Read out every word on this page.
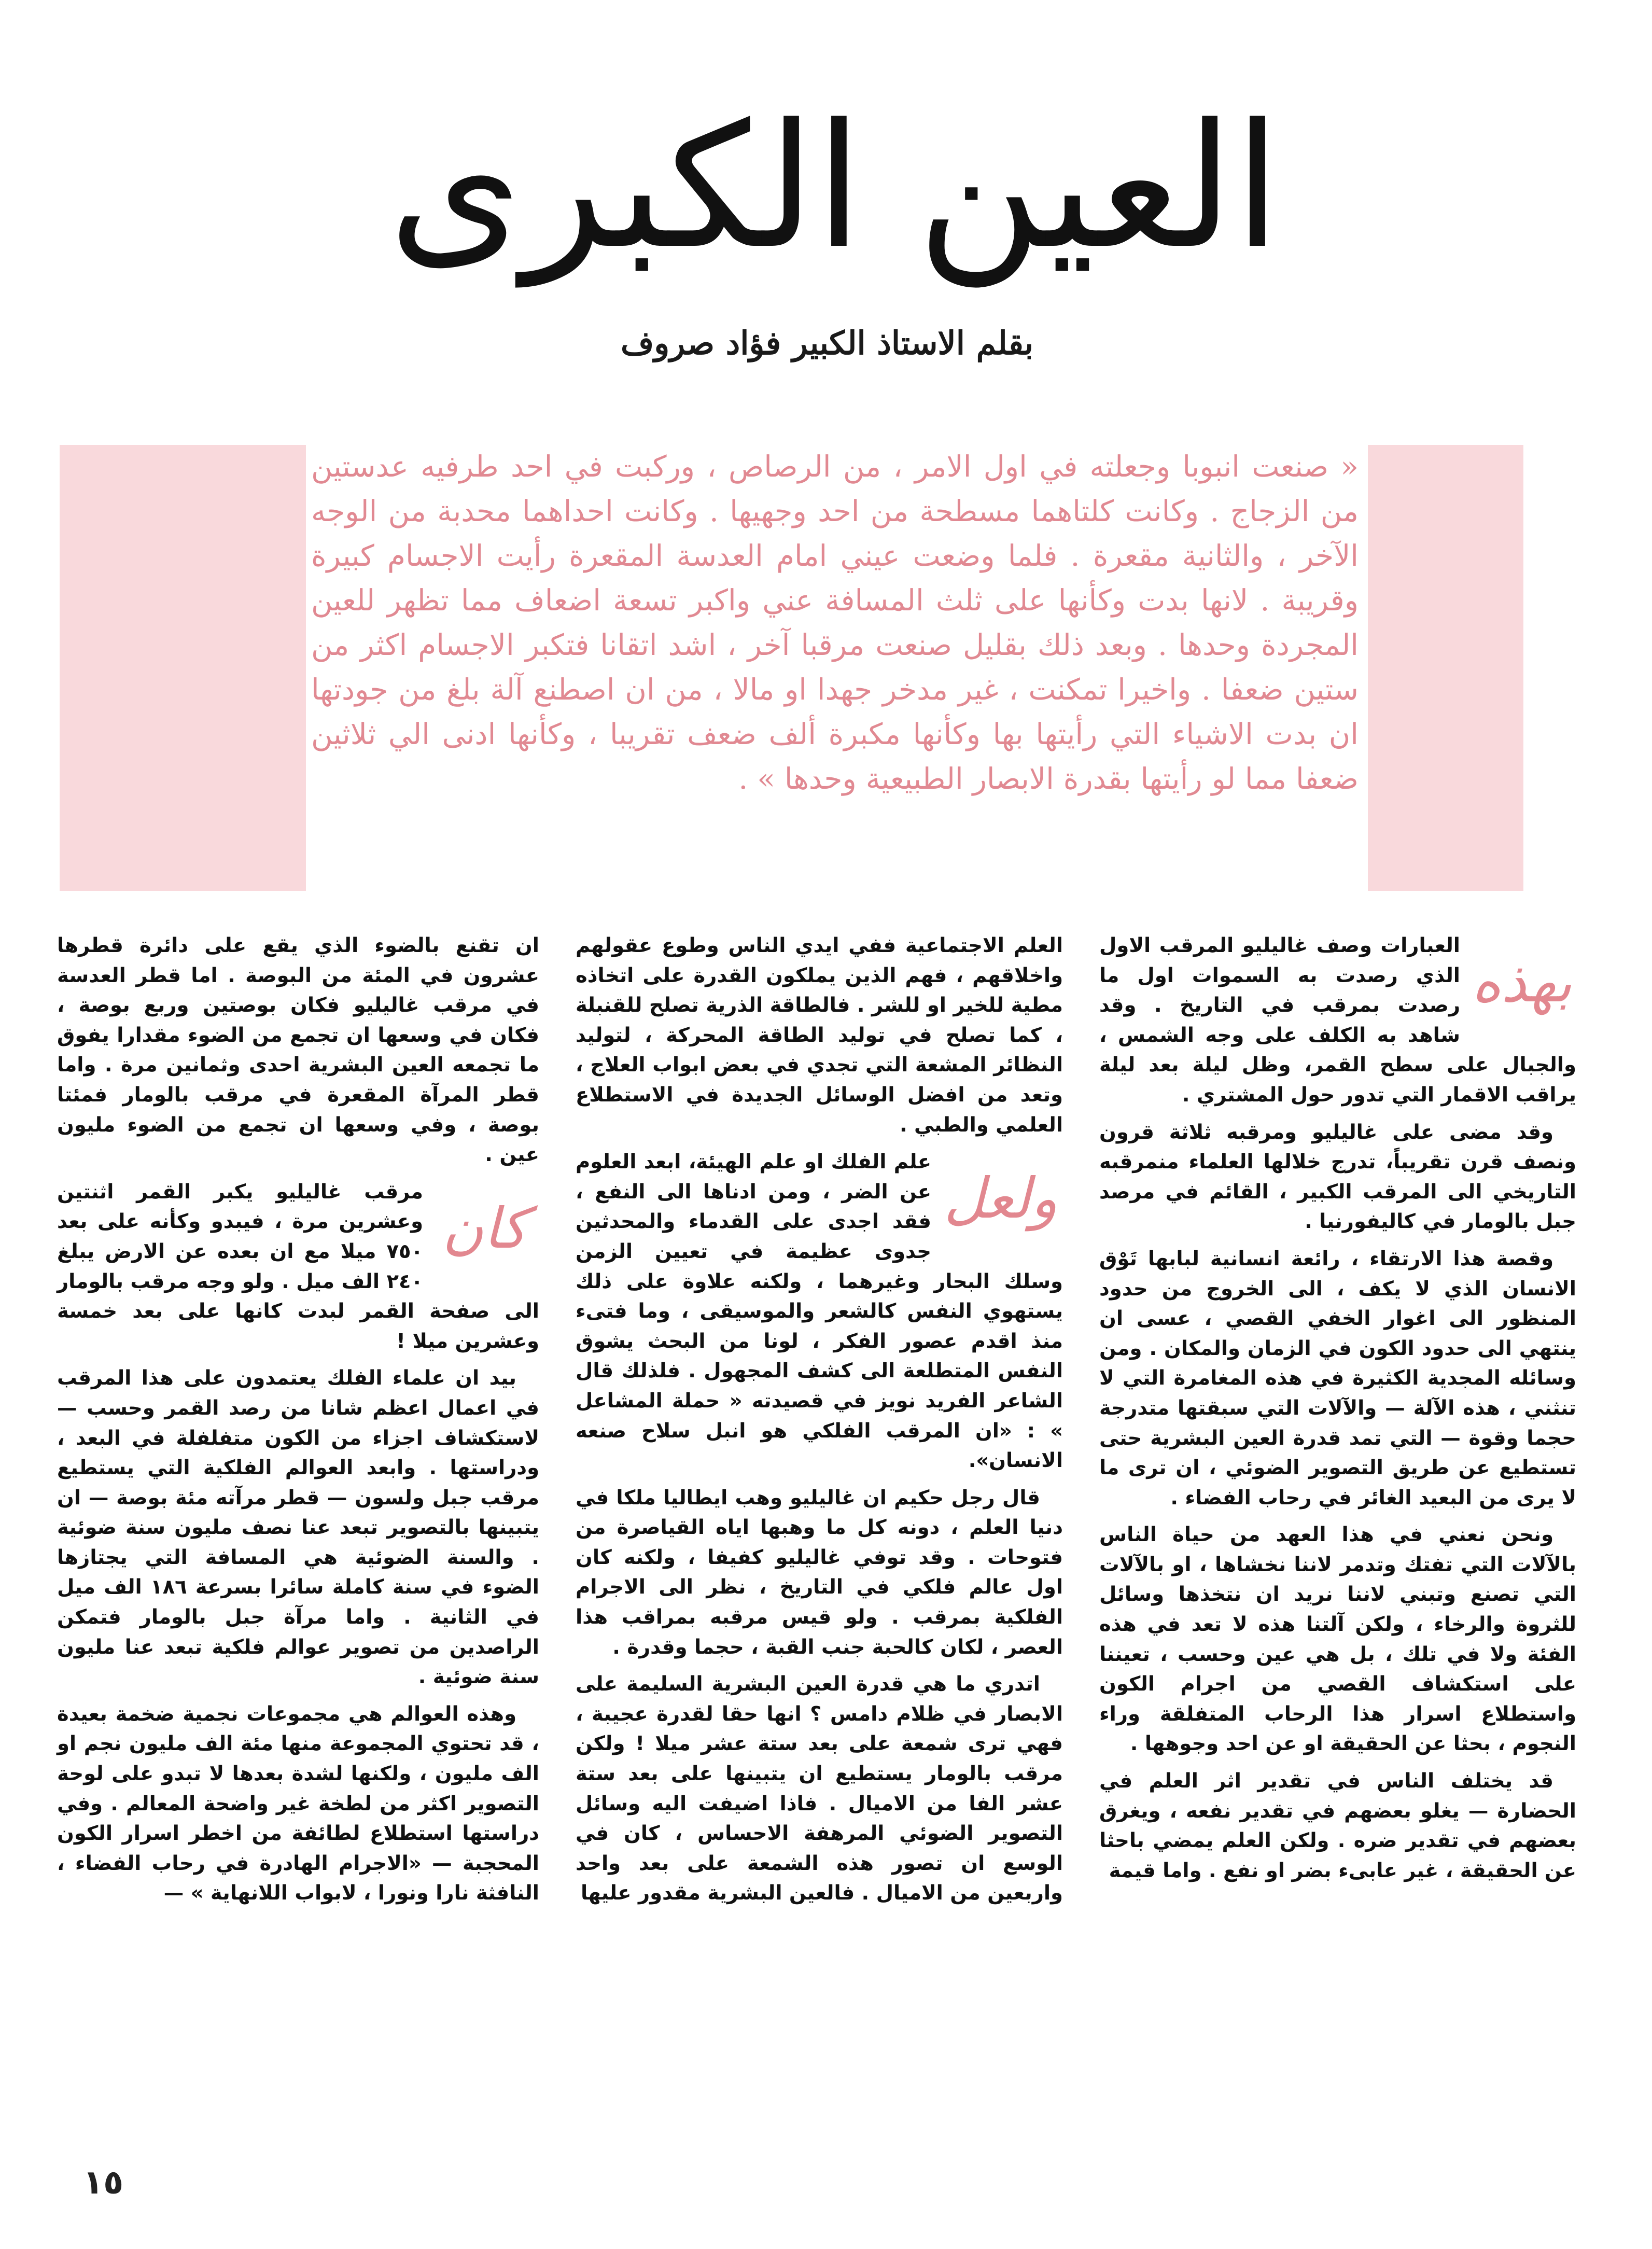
العين الكبرى
بقلم الاستاذ الكبير فؤاد صروف
« صنعت انبوبا وجعلته في اول الامر ، من الرصاص ، وركبت في احد طرفيه عدستين من الزجاج . وكانت كلتاهما مسطحة من احد وجهيها . وكانت احداهما محدبة من الوجه الآخر ، والثانية مقعرة . فلما وضعت عيني امام العدسة المقعرة رأيت الاجسام كبيرة وقريبة . لانها بدت وكأنها على ثلث المسافة عني واكبر تسعة اضعاف مما تظهر للعين المجردة وحدها . وبعد ذلك بقليل صنعت مرقبا آخر ، اشد اتقانا فتكبر الاجسام اكثر من ستين ضعفا . واخيرا تمكنت ، غير مدخر جهدا او مالا ، من ان اصطنع آلة بلغ من جودتها ان بدت الاشياء التي رأيتها بها وكأنها مكبرة ألف ضعف تقريبا ، وكأنها ادنى الي ثلاثين ضعفا مما لو رأيتها بقدرة الابصار الطبيعية وحدها » .
بهذه

العبارات وصف غاليليو المرقب الاول الذي رصدت به السموات اول ما رصدت بمرقب في التاريخ . وقد شاهد به الكلف على وجه الشمس ، والجبال على سطح القمر، وظل ليلة بعد ليلة يراقب الاقمار التي تدور حول المشتري .

وقد مضى على غاليليو ومرقبه ثلاثة قرون ونصف قرن تقريباً، تدرج خلالها العلماء منمرقبه التاريخي الى المرقب الكبير ، القائم في مرصد جبل بالومار في كاليفورنيا .

وقصة هذا الارتقاء ، رائعة انسانية لبابها تَوْق الانسان الذي لا يكف ، الى الخروج من حدود المنظور الى اغوار الخفي القصي ، عسى ان ينتهي الى حدود الكون في الزمان والمكان . ومن وسائله المجدية الكثيرة في هذه المغامرة التي لا تنثني ، هذه الآلة — والآلات التي سبقتها متدرجة حجما وقوة — التي تمد قدرة العين البشرية حتى تستطيع عن طريق التصوير الضوئي ، ان ترى ما لا يرى من البعيد الغائر في رحاب الفضاء .

ونحن نعني في هذا العهد من حياة الناس بالآلات التي تفتك وتدمر لاننا نخشاها ، او بالآلات التي تصنع وتبني لاننا نريد ان نتخذها وسائل للثروة والرخاء ، ولكن آلتنا هذه لا تعد في هذه الفئة ولا في تلك ، بل هي عين وحسب ، تعيننا على استكشاف القصي من اجرام الكون واستطلاع اسرار هذا الرحاب المتفلقة وراء النجوم ، بحثا عن الحقيقة او عن احد وجوهها .

قد يختلف الناس في تقدير اثر العلم في الحضارة — يغلو بعضهم في تقدير نفعه ، ويغرق بعضهم في تقدير ضره . ولكن العلم يمضي باحثا عن الحقيقة ، غير عابىء بضر او نفع . واما قيمة

العلم الاجتماعية ففي ايدي الناس وطوع عقولهم واخلاقهم ، فهم الذين يملكون القدرة على اتخاذه مطية للخير او للشر . فالطاقة الذرية تصلح للقنبلة ، كما تصلح في توليد الطاقة المحركة ، لتوليد النظائر المشعة التي تجدي في بعض ابواب العلاج ، وتعد من افضل الوسائل الجديدة في الاستطلاع العلمي والطبي .

ولعل

علم الفلك او علم الهيئة، ابعد العلوم عن الضر ، ومن ادناها الى النفع ، فقد اجدى على القدماء والمحدثين جدوى عظيمة في تعيين الزمن وسلك البحار وغيرهما ، ولكنه علاوة على ذلك يستهوي النفس كالشعر والموسيقى ، وما فتىء منذ اقدم عصور الفكر ، لونا من البحث يشوق النفس المتطلعة الى كشف المجهول . فلذلك قال الشاعر الفريد نويز في قصيدته « حملة المشاعل » : «ان المرقب الفلكي هو انبل سلاح صنعه الانسان».

قال رجل حكيم ان غاليليو وهب ايطاليا ملكا في دنيا العلم ، دونه كل ما وهبها اياه القياصرة من فتوحات . وقد توفي غاليليو كفيفا ، ولكنه كان اول عالم فلكي في التاريخ ، نظر الى الاجرام الفلكية بمرقب . ولو قيس مرقبه بمراقب هذا العصر ، لكان كالحبة جنب القبة ، حجما وقدرة .

اتدري ما هي قدرة العين البشرية السليمة على الابصار في ظلام دامس ؟ انها حقا لقدرة عجيبة ، فهي ترى شمعة على بعد ستة عشر ميلا ! ولكن مرقب بالومار يستطيع ان يتبينها على بعد ستة عشر الفا من الاميال . فاذا اضيفت اليه وسائل التصوير الضوئي المرهفة الاحساس ، كان في الوسع ان تصور هذه الشمعة على بعد واحد واربعين من الاميال . فالعين البشرية مقدور عليها

ان تقنع بالضوء الذي يقع على دائرة قطرها عشرون في المئة من البوصة . اما قطر العدسة في مرقب غاليليو فكان بوصتين وربع بوصة ، فكان في وسعها ان تجمع من الضوء مقدارا يفوق ما تجمعه العين البشرية احدى وثمانين مرة . واما قطر المرآة المقعرة في مرقب بالومار فمئتا بوصة ، وفي وسعها ان تجمع من الضوء مليون عين .

كان

مرقب غاليليو يكبر القمر اثنتين وعشرين مرة ، فيبدو وكأنه على بعد ٧٥٠ ميلا مع ان بعده عن الارض يبلغ ٢٤٠ الف ميل . ولو وجه مرقب بالومار الى صفحة القمر لبدت كانها على بعد خمسة وعشرين ميلا !

بيد ان علماء الفلك يعتمدون على هذا المرقب في اعمال اعظم شانا من رصد القمر وحسب — لاستكشاف اجزاء من الكون متفلفلة في البعد ، ودراستها . وابعد العوالم الفلكية التي يستطيع مرقب جبل ولسون — قطر مرآته مئة بوصة — ان يتبينها بالتصوير تبعد عنا نصف مليون سنة ضوئية . والسنة الضوئية هي المسافة التي يجتازها الضوء في سنة كاملة سائرا بسرعة ١٨٦ الف ميل في الثانية . واما مرآة جبل بالومار فتمكن الراصدين من تصوير عوالم فلكية تبعد عنا مليون سنة ضوئية .

وهذه العوالم هي مجموعات نجمية ضخمة بعيدة ، قد تحتوي المجموعة منها مئة الف مليون نجم او الف مليون ، ولكنها لشدة بعدها لا تبدو على لوحة التصوير اكثر من لطخة غير واضحة المعالم . وفي دراستها استطلاع لطائفة من اخطر اسرار الكون المحجبة — «الاجرام الهادرة في رحاب الفضاء ، النافثة نارا ونورا ، لابواب اللانهاية » —

١٥
